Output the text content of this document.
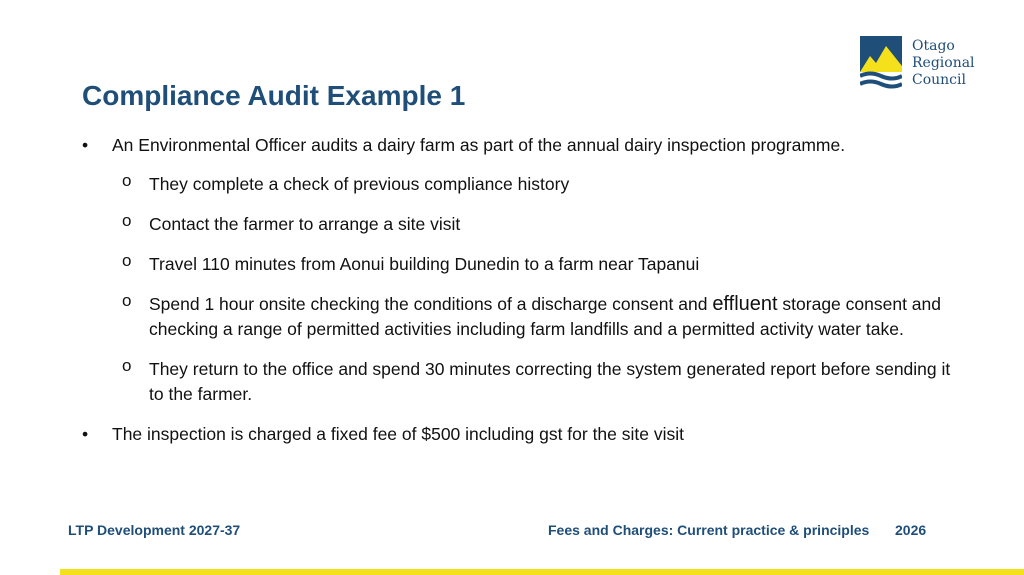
Otago
Regional
Council
Compliance Audit Example 1
•	An Environmental Officer audits a dairy farm as part of the annual dairy inspection programme.
o They complete a check of previous compliance history
o Contact the farmer to arrange a site visit
o Travel 110 minutes from Aonui building Dunedin to a farm near Tapanui
o Spend 1 hour onsite checking the conditions of a discharge consent and effluent storage consent and checking a range of permitted activities including farm landfills and a permitted activity water take.
o They return to the office and spend 30 minutes correcting the system generated report before sending it to the farmer.
•	The inspection is charged a fixed fee of $500 including gst for the site visit
LTP Development 2027-37	Fees and Charges: Current practice & principles 2026
